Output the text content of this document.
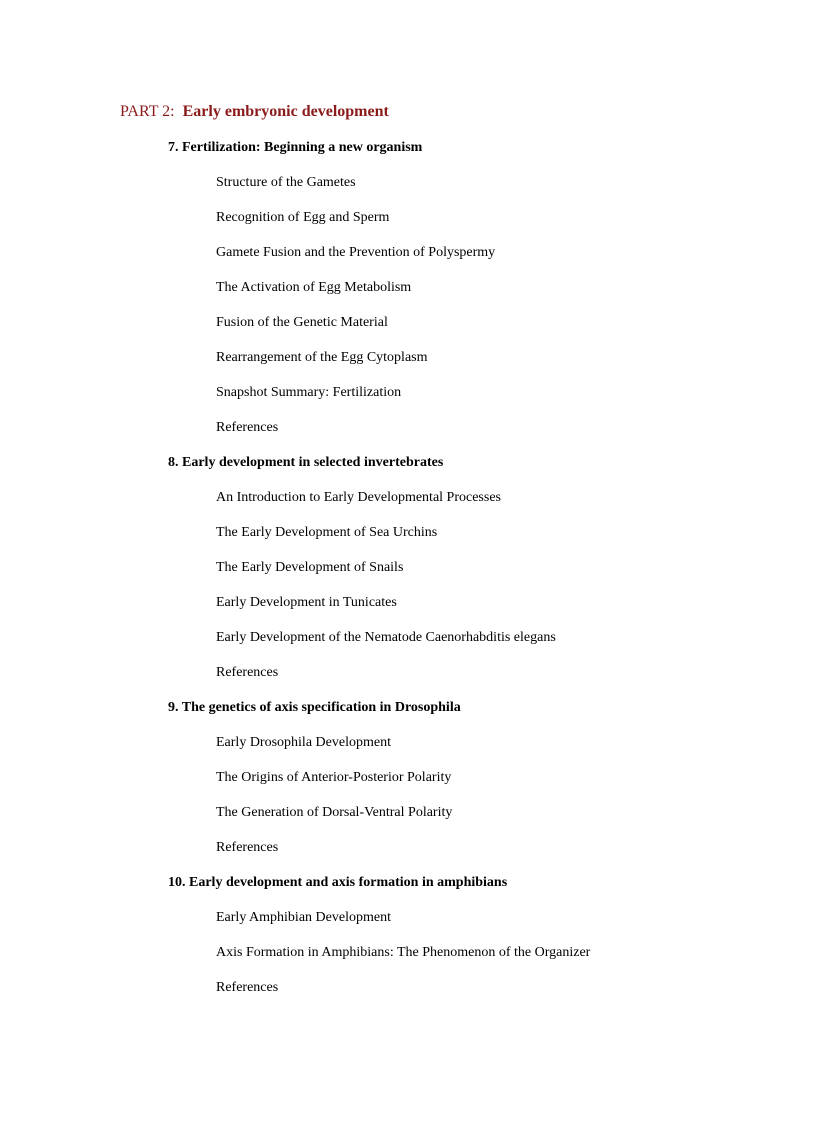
PART 2: Early embryonic development
7. Fertilization: Beginning a new organism
Structure of the Gametes
Recognition of Egg and Sperm
Gamete Fusion and the Prevention of Polyspermy
The Activation of Egg Metabolism
Fusion of the Genetic Material
Rearrangement of the Egg Cytoplasm
Snapshot Summary: Fertilization
References
8. Early development in selected invertebrates
An Introduction to Early Developmental Processes
The Early Development of Sea Urchins
The Early Development of Snails
Early Development in Tunicates
Early Development of the Nematode Caenorhabditis elegans
References
9. The genetics of axis specification in Drosophila
Early Drosophila Development
The Origins of Anterior-Posterior Polarity
The Generation of Dorsal-Ventral Polarity
References
10. Early development and axis formation in amphibians
Early Amphibian Development
Axis Formation in Amphibians: The Phenomenon of the Organizer
References
